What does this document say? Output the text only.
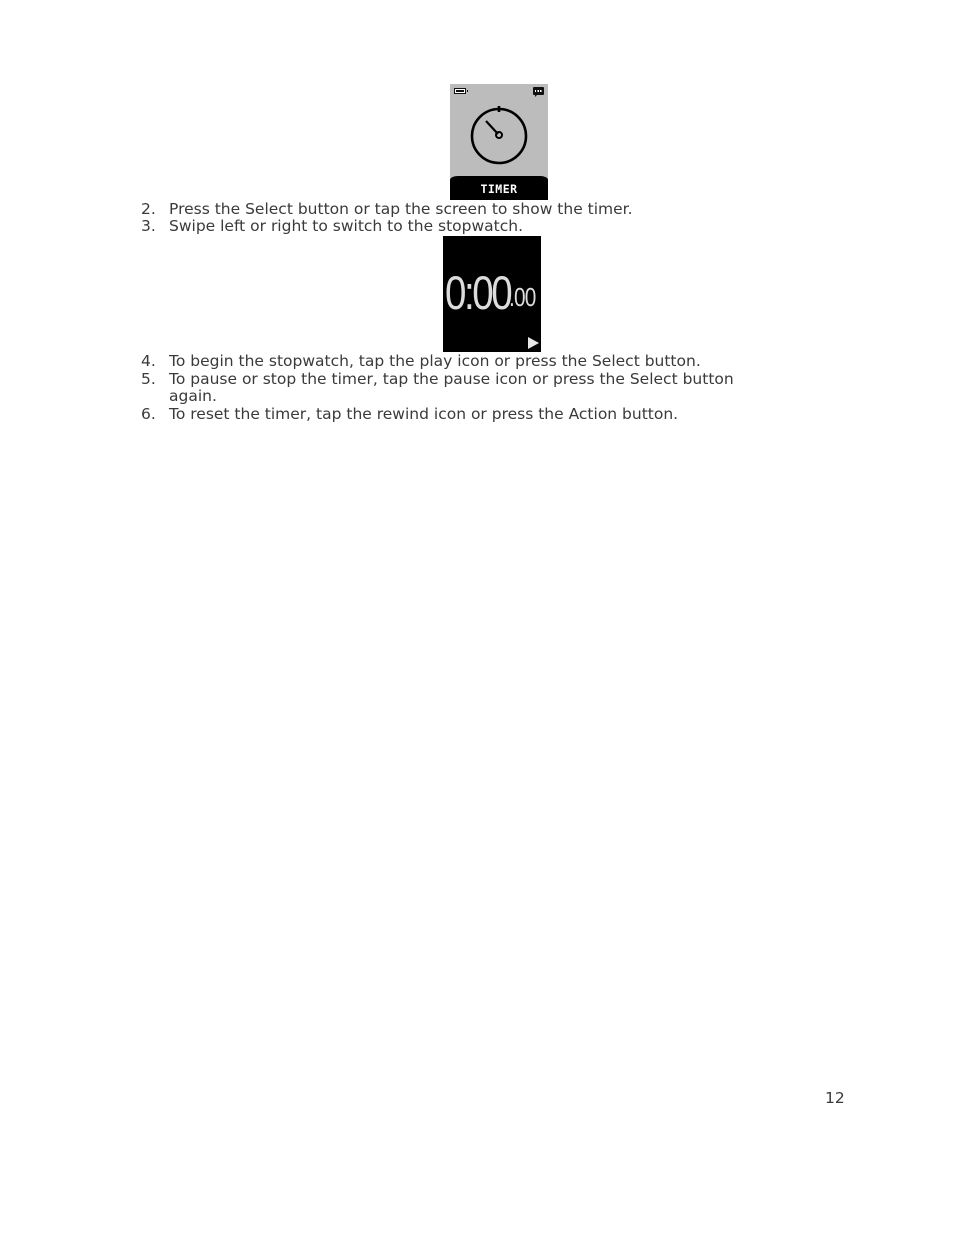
TIMER
2. Press the Select button or tap the screen to show the timer.
3. Swipe left or right to switch to the stopwatch.
0:00
.00
4. To begin the stopwatch, tap the play icon or press the Select button.
5. To pause or stop the timer, tap the pause icon or press the Select button
again.
6. To reset the timer, tap the rewind icon or press the Action button.
12
